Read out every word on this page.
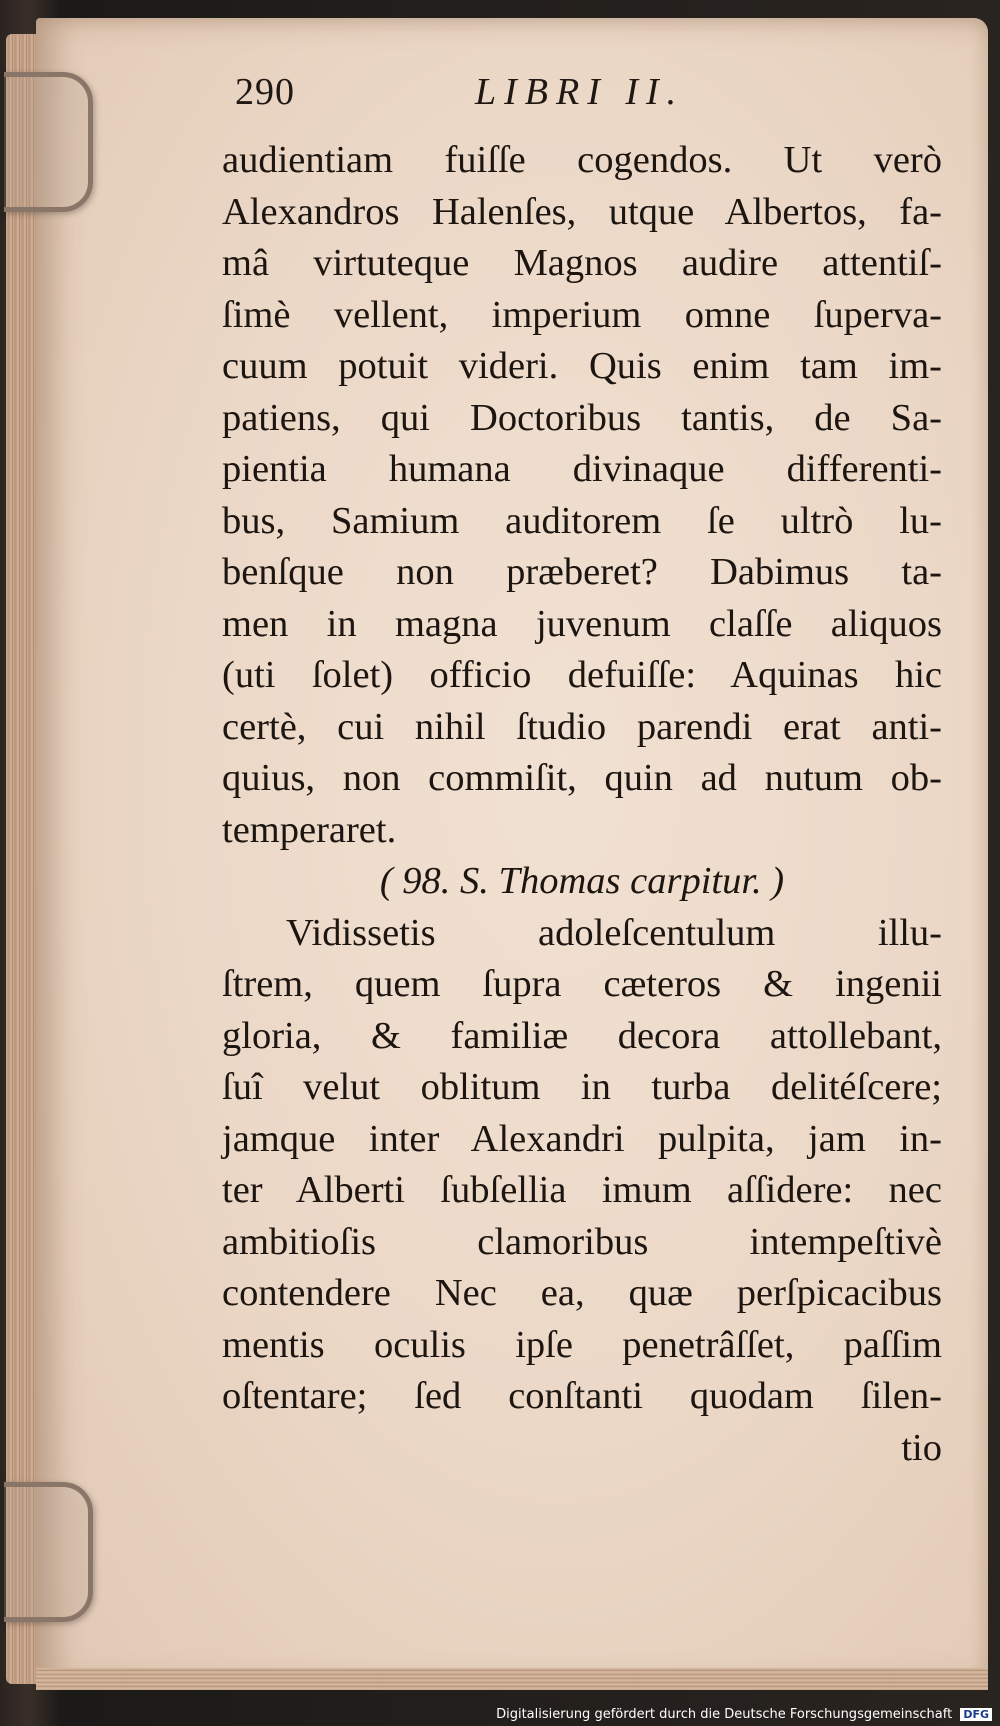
290	LIBRI II.
audientiam fuiſſe cogendos. Ut verò
Alexandros Halenſes, utque Albertos, fa-
mâ virtuteque Magnos audire attentiſ-
ſimè vellent, imperium omne ſuperva-
cuum potuit videri. Quis enim tam im-
patiens, qui Doctoribus tantis, de Sa-
pientia humana divinaque differenti-
bus, Samium auditorem ſe ultrò lu-
benſque non præberet? Dabimus ta-
men in magna juvenum claſſe aliquos
(uti ſolet) officio defuiſſe: Aquinas hic
certè, cui nihil ſtudio parendi erat anti-
quius, non commiſit, quin ad nutum ob-
temperaret.
( 98. S. Thomas carpitur. )
Vidissetis adoleſcentulum illu-
ſtrem, quem ſupra cæteros & ingenii
gloria, & familiæ decora attollebant,
ſuî velut oblitum in turba delitéſcere;
jamque inter Alexandri pulpita, jam in-
ter Alberti ſubſellia imum aſſidere: nec
ambitioſis clamoribus intempeſtivè
contendere Nec ea, quæ perſpicacibus
mentis oculis ipſe penetrâſſet, paſſim
oſtentare; ſed conſtanti quodam ſilen-
tio
Digitalisierung gefördert durch die Deutsche Forschungsgemeinschaft DFG
